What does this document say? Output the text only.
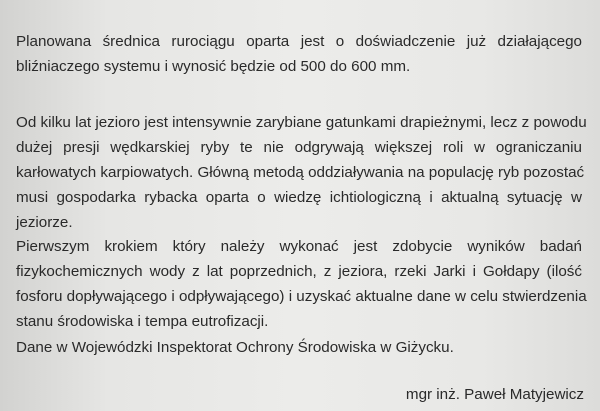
Planowana średnica rurociągu oparta jest o doświadczenie już działającego
bliźniaczego systemu i wynosić będzie od 500 do 600 mm.
Od kilku lat jezioro jest intensywnie zarybiane gatunkami drapieżnymi, lecz z powodu
dużej presji wędkarskiej ryby te nie odgrywają większej roli w ograniczaniu
karłowatych karpiowatych. Główną metodą oddziaływania na populację ryb pozostać
musi gospodarka rybacka oparta o wiedzę ichtiologiczną i aktualną sytuację w
jeziorze.
Pierwszym krokiem który należy wykonać jest zdobycie wyników badań
fizykochemicznych wody z lat poprzednich, z jeziora, rzeki Jarki i Gołdapy (ilość
fosforu dopływającego i odpływającego) i uzyskać aktualne dane w celu stwierdzenia
stanu środowiska i tempa eutrofizacji.
Dane w Wojewódzki Inspektorat Ochrony Środowiska w Giżycku.
mgr inż. Paweł Matyjewicz
